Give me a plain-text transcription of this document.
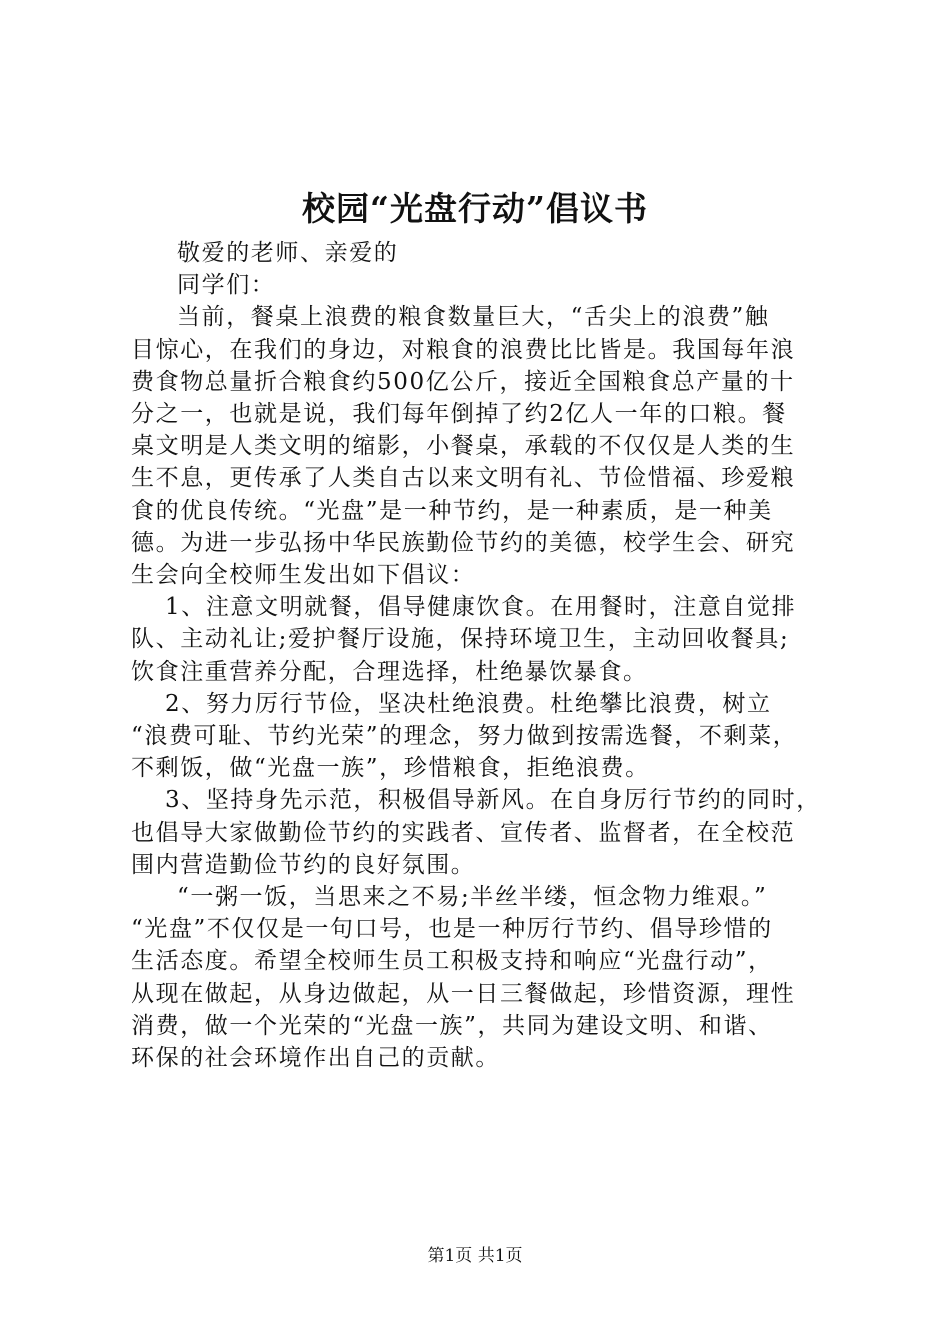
校园“光盘行动”倡议书
敬爱的老师、亲爱的
同学们：
当前，餐桌上浪费的粮食数量巨大，“舌尖上的浪费”触
目惊心，在我们的身边，对粮食的浪费比比皆是。我国每年浪
费食物总量折合粮食约500亿公斤，接近全国粮食总产量的十
分之一，也就是说，我们每年倒掉了约2亿人一年的口粮。餐
桌文明是人类文明的缩影，小餐桌，承载的不仅仅是人类的生
生不息，更传承了人类自古以来文明有礼、节俭惜福、珍爱粮
食的优良传统。“光盘”是一种节约，是一种素质，是一种美
德。为进一步弘扬中华民族勤俭节约的美德，校学生会、研究
生会向全校师生发出如下倡议：
1、注意文明就餐，倡导健康饮食。在用餐时，注意自觉排
队、主动礼让;爱护餐厅设施，保持环境卫生，主动回收餐具;
饮食注重营养分配，合理选择，杜绝暴饮暴食。
2、努力厉行节俭，坚决杜绝浪费。杜绝攀比浪费，树立
“浪费可耻、节约光荣”的理念，努力做到按需选餐，不剩菜，
不剩饭，做“光盘一族”，珍惜粮食，拒绝浪费。
3、坚持身先示范，积极倡导新风。在自身厉行节约的同时，
也倡导大家做勤俭节约的实践者、宣传者、监督者，在全校范
围内营造勤俭节约的良好氛围。
“一粥一饭，当思来之不易;半丝半缕，恒念物力维艰。”
“光盘”不仅仅是一句口号，也是一种厉行节约、倡导珍惜的
生活态度。希望全校师生员工积极支持和响应“光盘行动”，
从现在做起，从身边做起，从一日三餐做起，珍惜资源，理性
消费，做一个光荣的“光盘一族”，共同为建设文明、和谐、
环保的社会环境作出自己的贡献。
第1页 共1页
